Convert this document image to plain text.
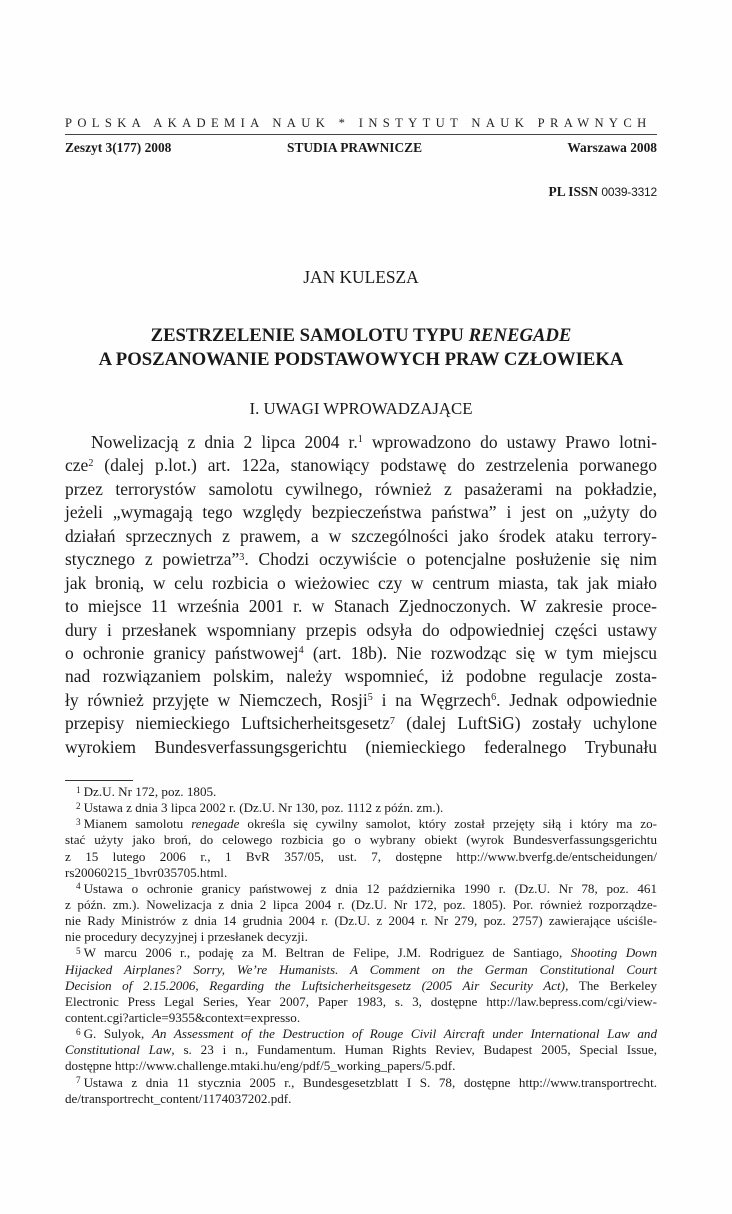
POLSKA AKADEMIA NAUK * INSTYTUT NAUK PRAWNYCH
Zeszyt 3(177) 2008	STUDIA PRAWNICZE	Warszawa 2008
PL ISSN 0039-3312
JAN KULESZA
ZESTRZELENIE SAMOLOTU TYPU RENEGADE
A POSZANOWANIE PODSTAWOWYCH PRAW CZŁOWIEKA
I. UWAGI WPROWADZAJĄCE
Nowelizacją z dnia 2 lipca 2004 r.$^1$ wprowadzono do ustawy Prawo lotni-
cze$^2$ (dalej p.lot.) art. 122a, stanowiący podstawę do zestrzelenia porwanego
przez terrorystów samolotu cywilnego, również z pasażerami na pokładzie,
jeżeli „wymagają tego względy bezpieczeństwa państwa” i jest on „użyty do
działań sprzecznych z prawem, a w szczególności jako środek ataku terrory-
stycznego z powietrza”$^3$. Chodzi oczywiście o potencjalne posłużenie się nim
jak bronią, w celu rozbicia o wieżowiec czy w centrum miasta, tak jak miało
to miejsce 11 września 2001 r. w Stanach Zjednoczonych. W zakresie proce-
dury i przesłanek wspomniany przepis odsyła do odpowiedniej części ustawy
o ochronie granicy państwowej$^4$ (art. 18b). Nie rozwodząc się w tym miejscu
nad rozwiązaniem polskim, należy wspomnieć, iż podobne regulacje zosta-
ły również przyjęte w Niemczech, Rosji$^5$ i na Węgrzech$^6$. Jednak odpowiednie
przepisy niemieckiego Luftsicherheitsgesetz$^7$ (dalej LuftSiG) zostały uchylone
wyrokiem Bundesverfassungsgerichtu (niemieckiego federalnego Trybunału
$^1$ Dz.U. Nr 172, poz. 1805.
$^2$ Ustawa z dnia 3 lipca 2002 r. (Dz.U. Nr 130, poz. 1112 z późn. zm.).
$^3$ Mianem samolotu renegade określa się cywilny samolot, który został przejęty siłą i który ma zo-
stać użyty jako broń, do celowego rozbicia go o wybrany obiekt (wyrok Bundesverfassungsgerichtu
z 15 lutego 2006 r., 1 BvR 357/05, ust. 7, dostępne http://www.bverfg.de/entscheidungen/
rs20060215_1bvr035705.html.
$^4$ Ustawa o ochronie granicy państwowej z dnia 12 października 1990 r. (Dz.U. Nr 78, poz. 461
z późn. zm.). Nowelizacja z dnia 2 lipca 2004 r. (Dz.U. Nr 172, poz. 1805). Por. również rozporządze-
nie Rady Ministrów z dnia 14 grudnia 2004 r. (Dz.U. z 2004 r. Nr 279, poz. 2757) zawierające uściśle-
nie procedury decyzyjnej i przesłanek decyzji.
$^5$ W marcu 2006 r., podaję za M. Beltran de Felipe, J.M. Rodriguez de Santiago, Shooting Down
Hijacked Airplanes? Sorry, We’re Humanists. A Comment on the German Constitutional Court
Decision of 2.15.2006, Regarding the Luftsicherheitsgesetz (2005 Air Security Act), The Berkeley
Electronic Press Legal Series, Year 2007, Paper 1983, s. 3, dostępne http://law.bepress.com/cgi/view-
content.cgi?article=9355&context=expresso.
$^6$ G. Sulyok, An Assessment of the Destruction of Rouge Civil Aircraft under International Law and
Constitutional Law, s. 23 i n., Fundamentum. Human Rights Reviev, Budapest 2005, Special Issue,
dostępne http://www.challenge.mtaki.hu/eng/pdf/5_working_papers/5.pdf.
$^7$ Ustawa z dnia 11 stycznia 2005 r., Bundesgesetzblatt I S. 78, dostępne http://www.transportrecht.
de/transportrecht_content/1174037202.pdf.
